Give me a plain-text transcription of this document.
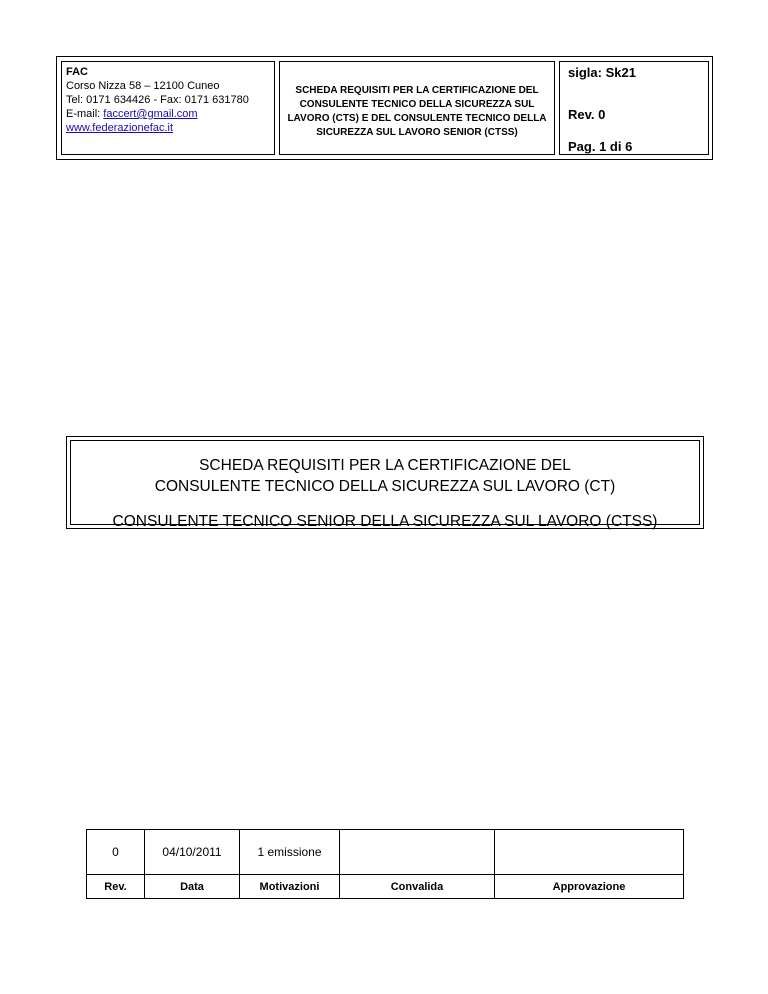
FAC
Corso Nizza 58 – 12100 Cuneo
Tel: 0171 634426 - Fax: 0171 631780
E-mail: faccert@gmail.com
www.federazionefac.it
SCHEDA REQUISITI PER LA CERTIFICAZIONE DEL
CONSULENTE TECNICO DELLA SICUREZZA SUL
LAVORO (CTS) E DEL CONSULENTE TECNICO DELLA
SICUREZZA SUL LAVORO SENIOR (CTSS)
sigla: Sk21
Rev. 0
Pag. 1 di 6
SCHEDA REQUISITI PER LA CERTIFICAZIONE DEL
CONSULENTE TECNICO DELLA SICUREZZA SUL LAVORO (CT)
CONSULENTE TECNICO SENIOR DELLA SICUREZZA SUL LAVORO (CTSS)
0	04/10/2011	1 emissione		
Rev.	Data	Motivazioni	Convalida	Approvazione
